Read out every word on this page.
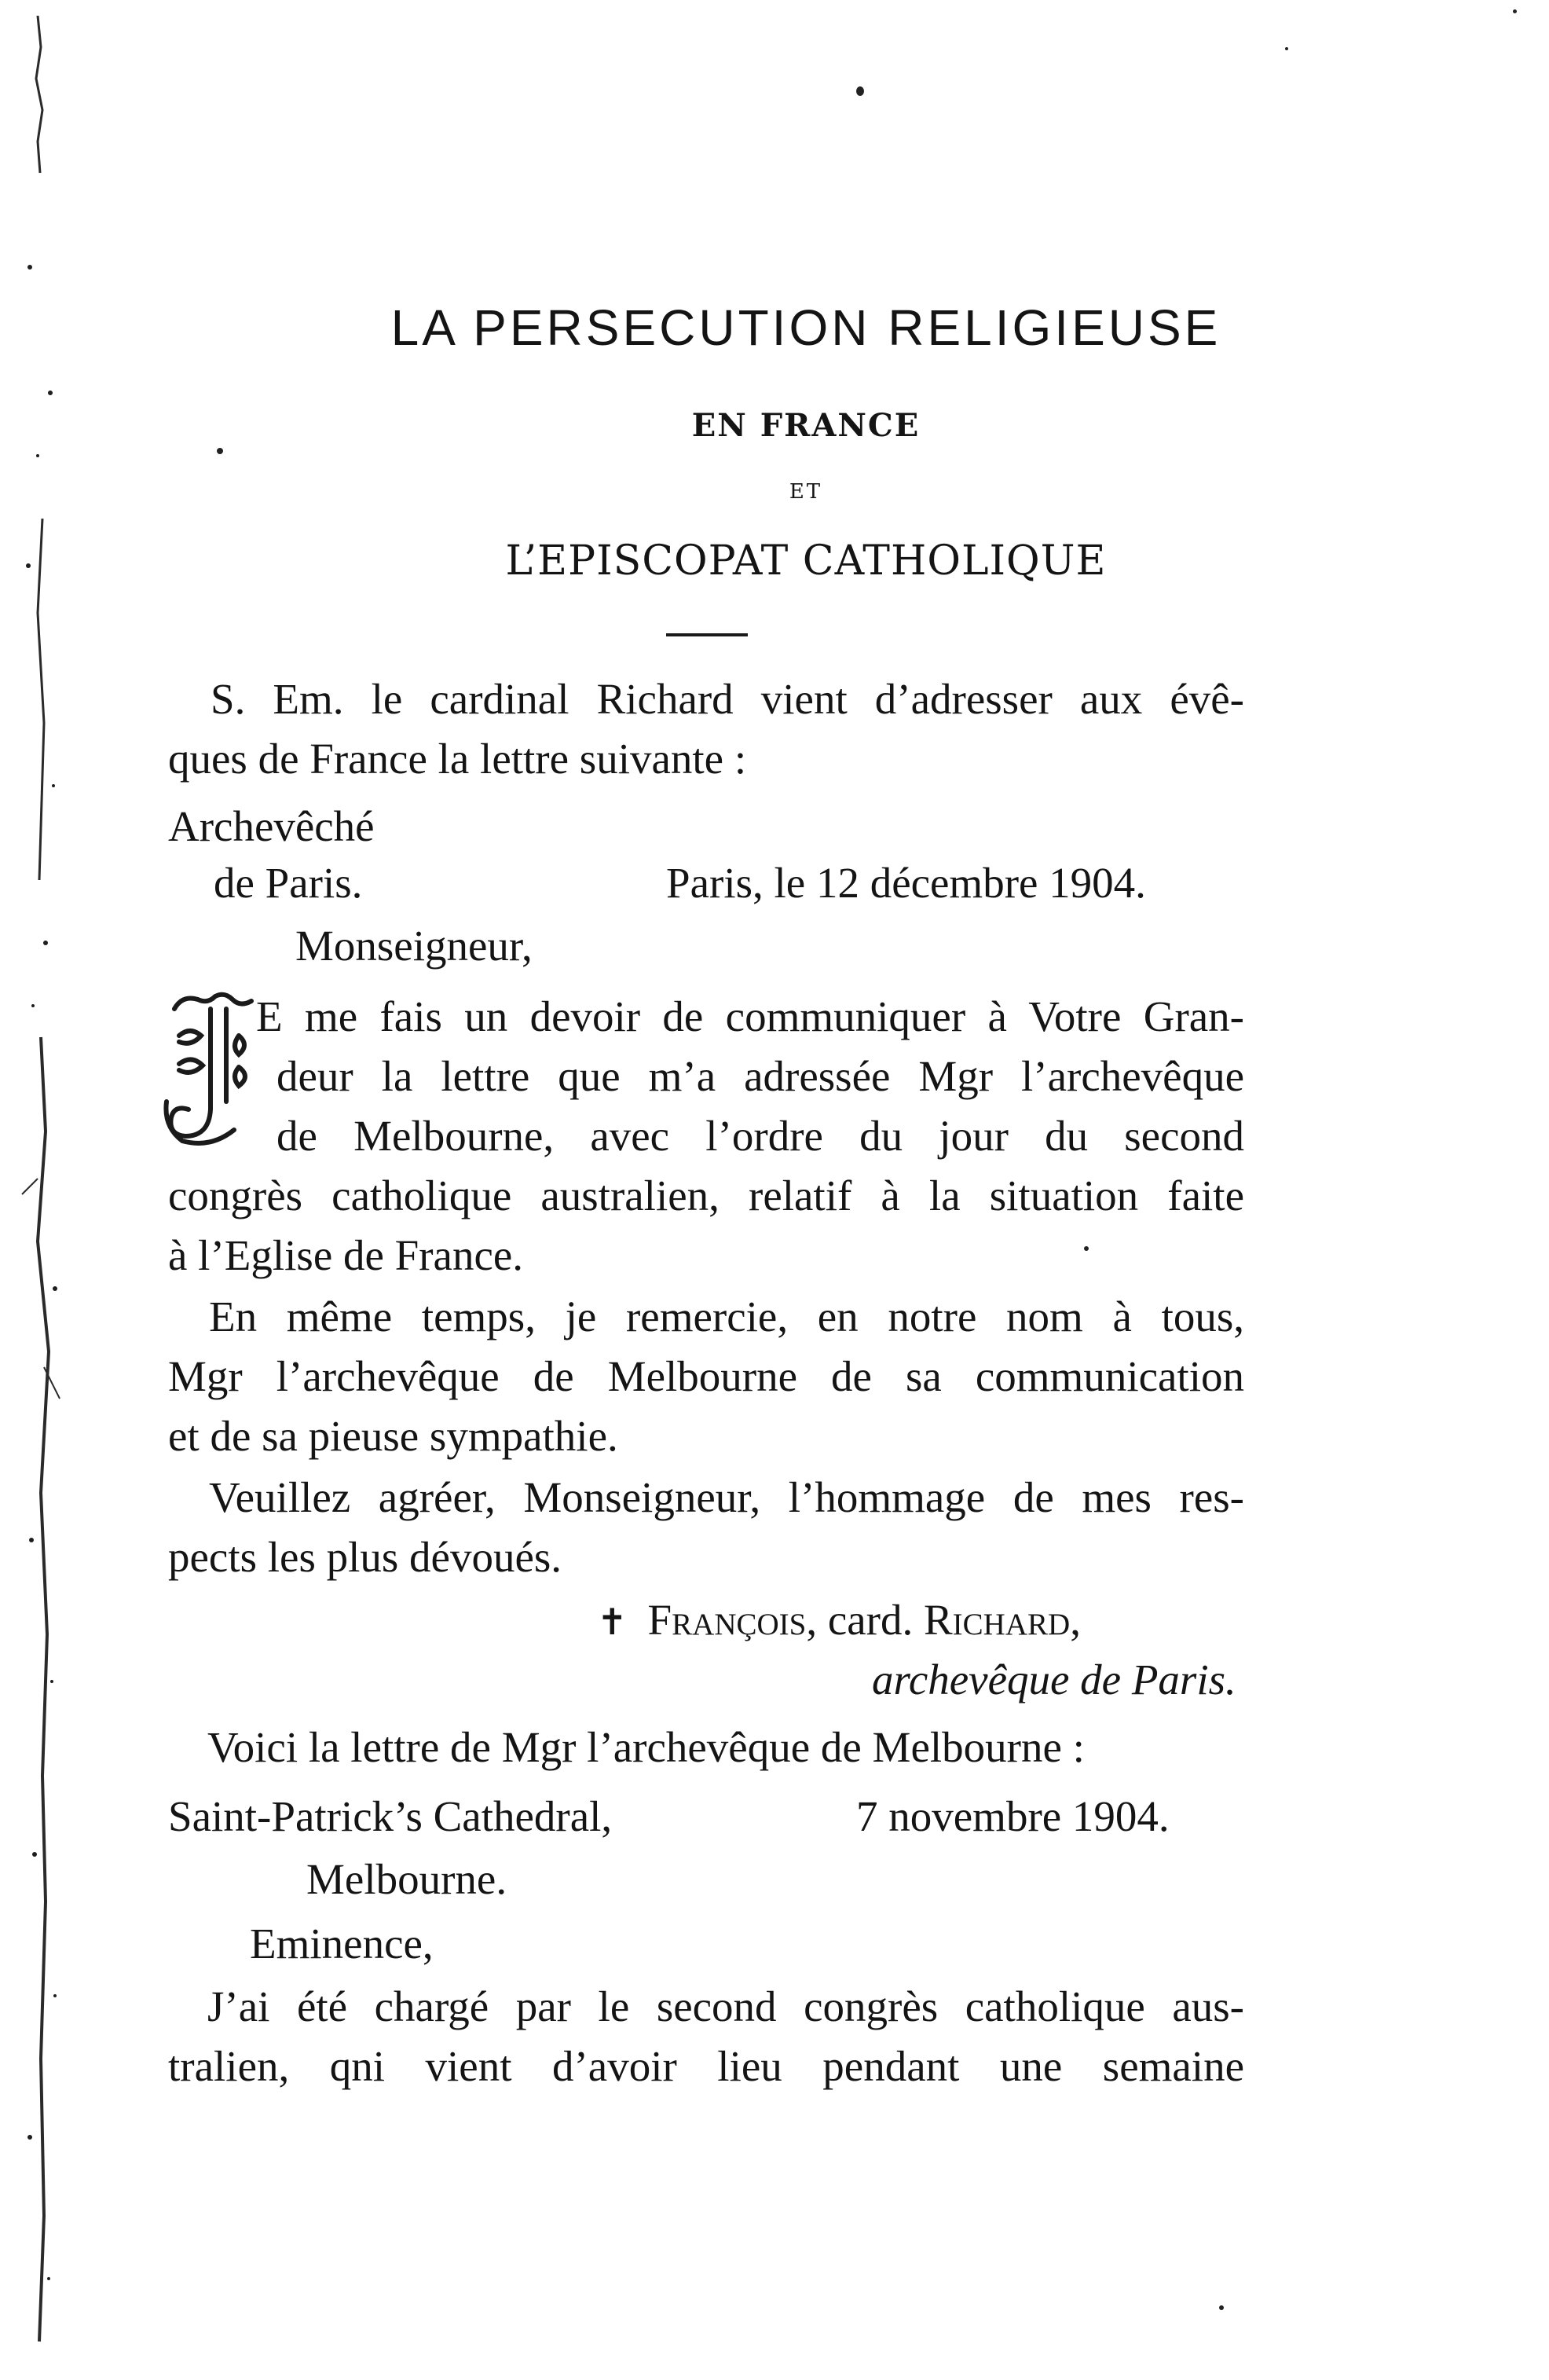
LA PERSECUTION RELIGIEUSE
EN FRANCE
ET
L’EPISCOPAT CATHOLIQUE
S. Em. le cardinal Richard vient d’adresser aux évê-
ques de France la lettre suivante :
Archevêché
de Paris.	Paris, le 12 décembre 1904.
Monseigneur,
E me fais un devoir de communiquer à Votre Gran-
deur la lettre que m’a adressée Mgr l’archevêque
de Melbourne, avec l’ordre du jour du second
congrès catholique australien, relatif à la situation faite
à l’Eglise de France.
En même temps, je remercie, en notre nom à tous,
Mgr l’archevêque de Melbourne de sa communication
et de sa pieuse sympathie.
Veuillez agréer, Monseigneur, l’hommage de mes res-
pects les plus dévoués.
✝ François, card. Richard,
archevêque de Paris.
Voici la lettre de Mgr l’archevêque de Melbourne :
Saint-Patrick’s Cathedral,	7 novembre 1904.
Melbourne.
Eminence,
J’ai été chargé par le second congrès catholique aus-
tralien, qni vient d’avoir lieu pendant une semaine
